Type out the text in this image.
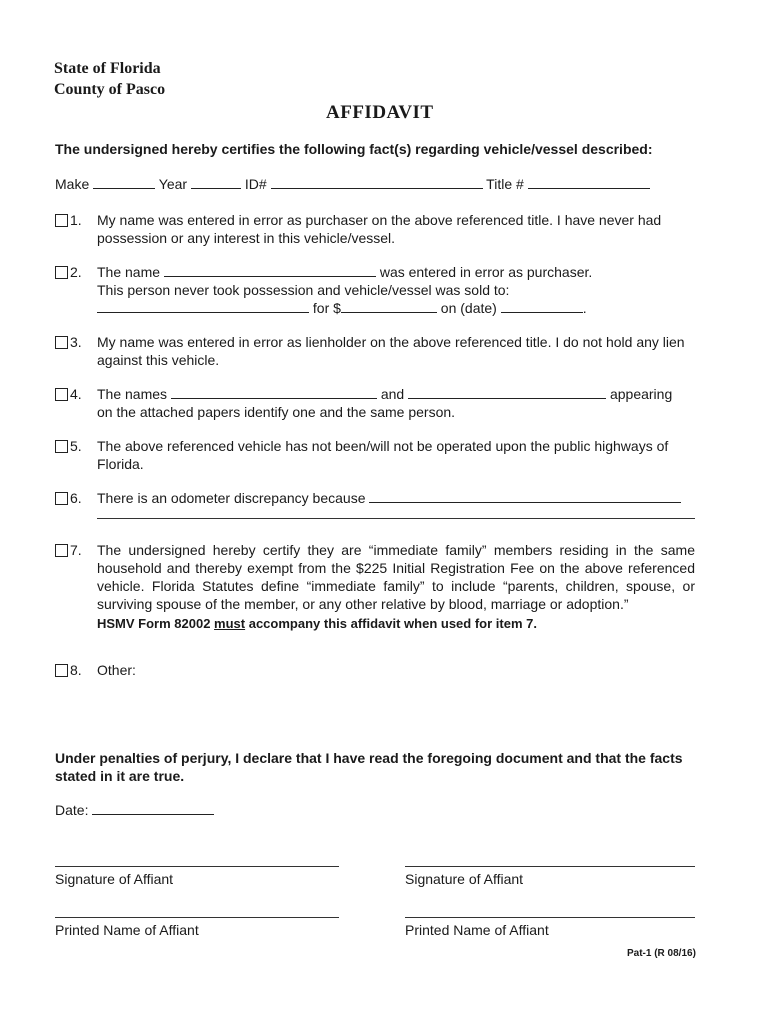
State of Florida
County of Pasco
AFFIDAVIT
The undersigned hereby certifies the following fact(s) regarding vehicle/vessel described:
Make	Year	ID#	Title #
1. My name was entered in error as purchaser on the above referenced title. I have never had possession or any interest in this vehicle/vessel.
2. The name	was entered in error as purchaser.
This person never took possession and vehicle/vessel was sold to:
for $	on (date)	.
3. My name was entered in error as lienholder on the above referenced title. I do not hold any lien against this vehicle.
4. The names	and	appearing
on the attached papers identify one and the same person.
5. The above referenced vehicle has not been/will not be operated upon the public highways of Florida.
6. There is an odometer discrepancy because
7. The undersigned hereby certify they are “immediate family” members residing in the same household and thereby exempt from the $225 Initial Registration Fee on the above referenced vehicle. Florida Statutes define “immediate family” to include “parents, children, spouse, or surviving spouse of the member, or any other relative by blood, marriage or adoption.”
HSMV Form 82002 must accompany this affidavit when used for item 7.
8. Other:
Under penalties of perjury, I declare that I have read the foregoing document and that the facts stated in it are true.
Date:
Signature of Affiant	Signature of Affiant
Printed Name of Affiant	Printed Name of Affiant
Pat-1 (R 08/16)
